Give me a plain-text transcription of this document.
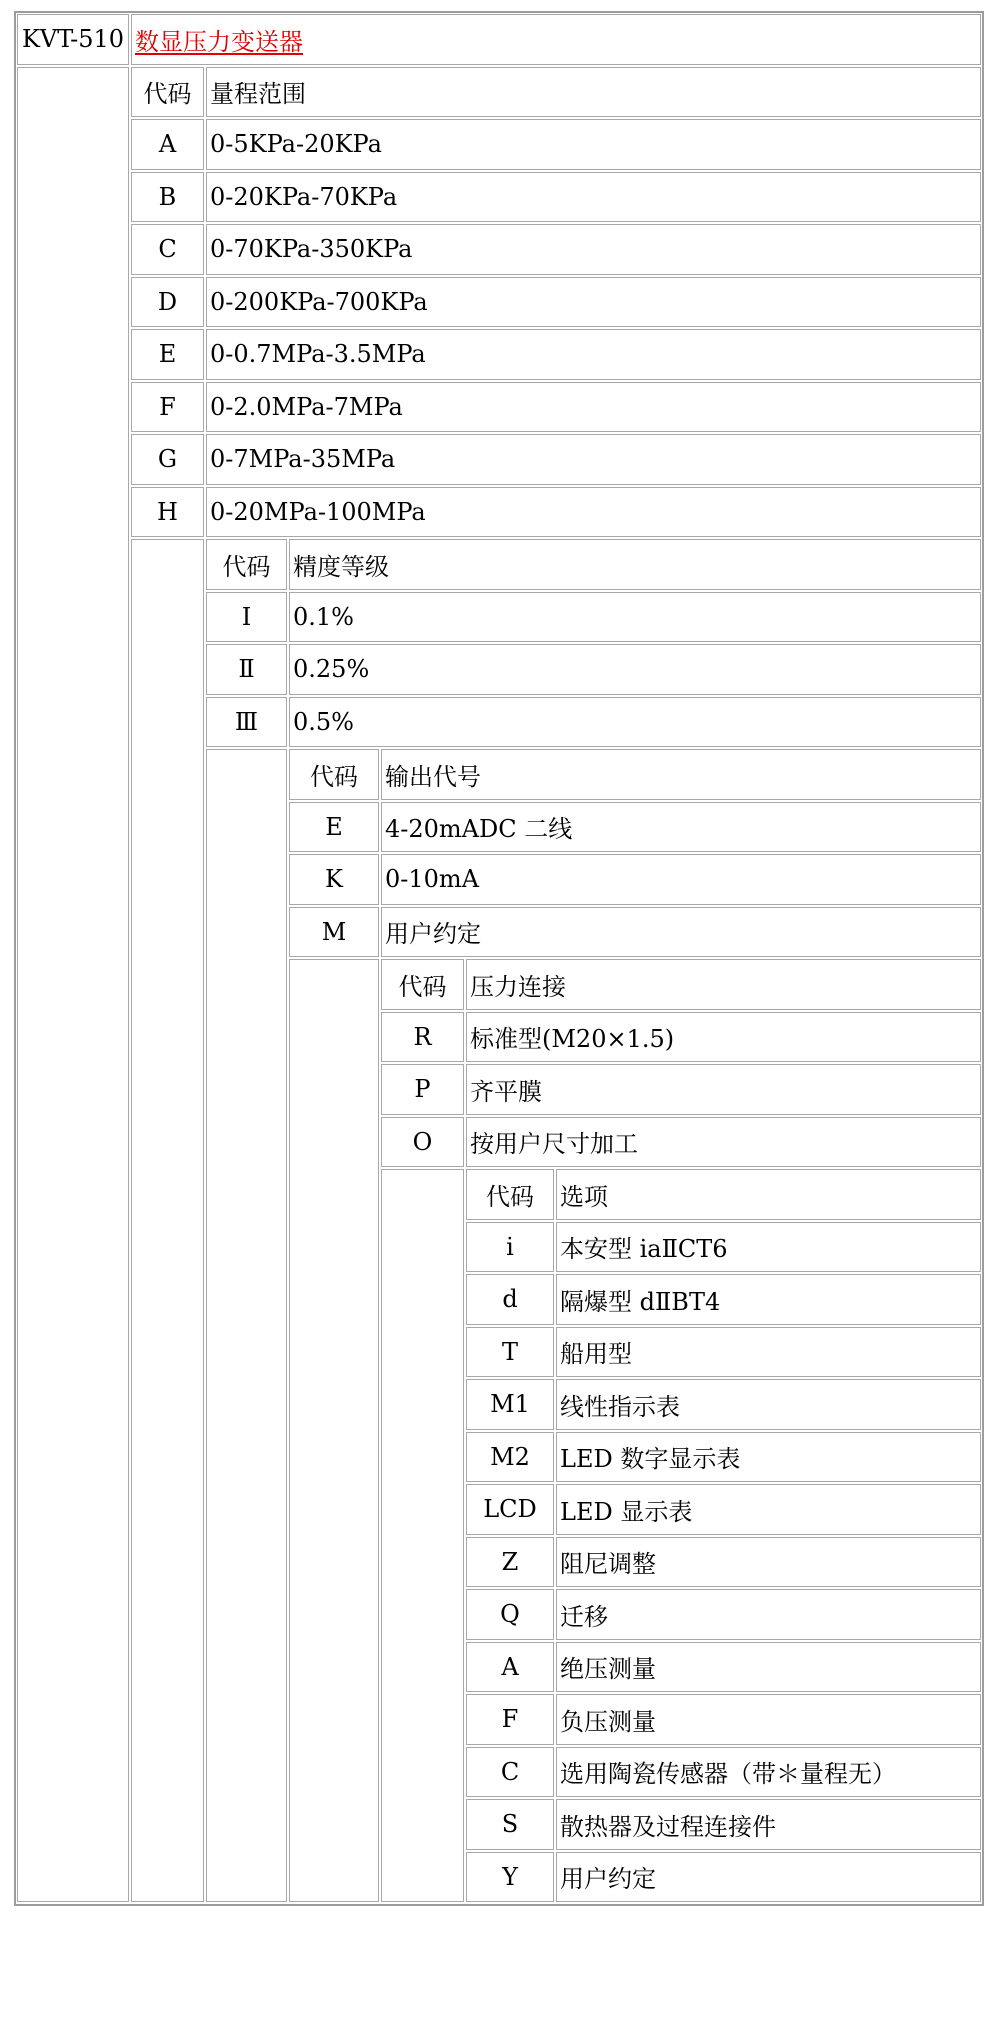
KVT-510 数显压力变送器
代码 量程范围
A	0-5KPa-20KPa
B	0-20KPa-70KPa
C	0-70KPa-350KPa
D	0-200KPa-700KPa
E	0-0.7MPa-3.5MPa
F	0-2.0MPa-7MPa
G	0-7MPa-35MPa
H	0-20MPa-100MPa
代码 精度等级
Ⅰ	0.1%
Ⅱ	0.25%
Ⅲ	0.5%
代码	输出代号
E	4-20mADC 二线
K	0-10mA
M	用户约定
代码 压力连接
R	标准型(M20×1.5)
P	齐平膜
O	按用户尺寸加工
代码	选项
i	本安型 iaⅡCT6
d	隔爆型 dⅡBT4
T	船用型
M1	线性指示表
M2	LED 数字显示表
LCD LED 显示表
Z	阻尼调整
Q	迁移
A	绝压测量
F	负压测量
C	选用陶瓷传感器（带＊量程无）
S	散热器及过程连接件
Y	用户约定
